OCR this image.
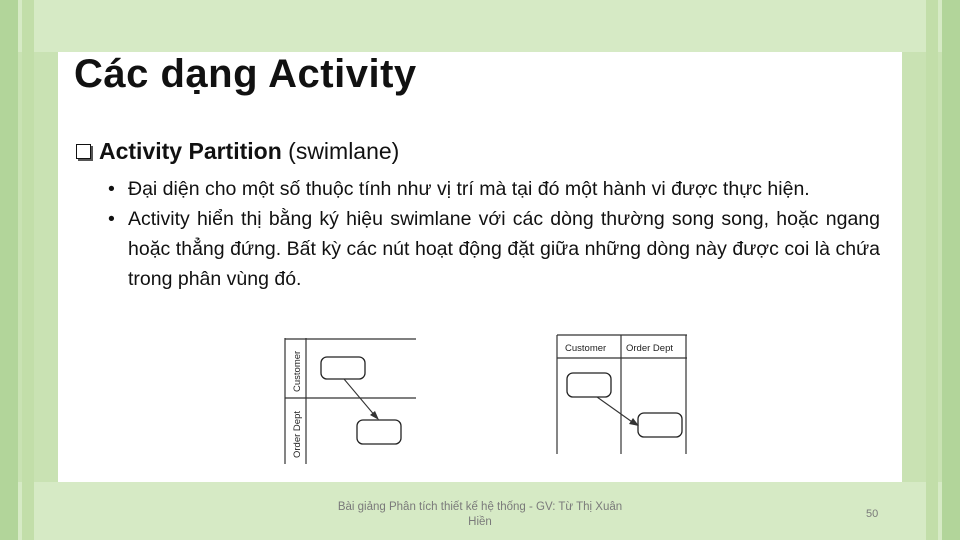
Các dạng Activity
Activity Partition (swimlane)
• Đại diện cho một số thuộc tính như vị trí mà tại đó một hành vi được thực hiện.
• Activity hiển thị bằng ký hiệu swimlane với các dòng thường song song, hoặc ngang hoặc thẳng đứng. Bất kỳ các nút hoạt động đặt giữa những dòng này được coi là chứa trong phân vùng đó.
Customer
Order Dept
Customer Order Dept
Bài giảng Phân tích thiết kế hệ thống - GV: Từ Thị Xuân Hiền
50
